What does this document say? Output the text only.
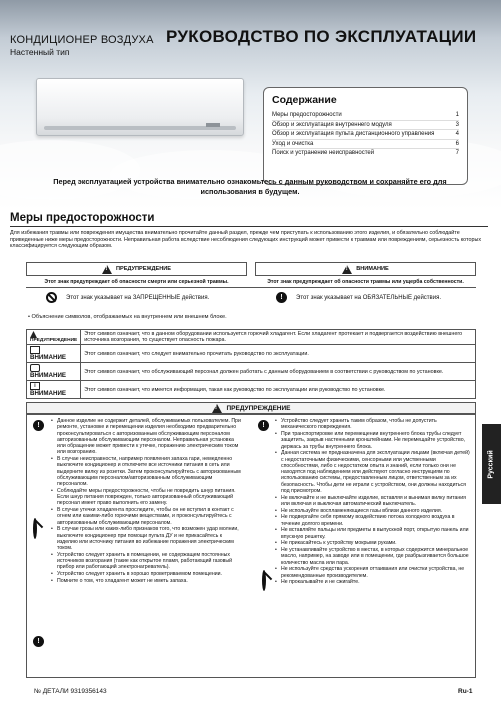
КОНДИЦИОНЕР ВОЗДУХА
Настенный тип
РУКОВОДСТВО ПО ЭКСПЛУАТАЦИИ
Содержание
Меры предосторожности	1
Обзор и эксплуатация внутреннего модуля	3
Обзор и эксплуатация пульта дистанционного управления	4
Уход и очистка	6
Поиск и устранение неисправностей	7
Перед эксплуатацией устройства внимательно ознакомьтесь с данным руководством и сохраняйте его для использования в будущем.
Меры предосторожности
Для избежания травмы или повреждения имущества внимательно прочитайте данный раздел, прежде чем приступать к использованию этого изделия, и обязательно соблюдайте приведенные ниже меры предосторожности. Неправильная работа вследствие несоблюдения следующих инструкций может привести к травмам или повреждениям, серьезность которых классифицируется следующим образом.
!
ПРЕДУПРЕЖДЕНИЕ !	ВНИМАНИЕ
Этот знак предупреждает об опасности смерти или серьезной травмы.	Этот знак предупреждает об опасности травмы или ущерба собственности.
Этот знак указывает на ЗАПРЕЩЕННЫЕ действия.	!	Этот знак указывает на ОБЯЗАТЕЛЬНЫЕ действия.
• Объяснение символов, отображаемых на внутреннем или внешнем блоке.
ПРЕДУПРЕЖДЕНИЕ	Этот символ означает, что в данном оборудовании используется горючий хладагент. Если хладагент протекает и подвергается воздействию внешнего источника возгорания, то существует опасность пожара.
ВНИМАНИЕ	Этот символ означает, что следует внимательно прочитать руководство по эксплуатации.
ВНИМАНИЕ	Этот символ означает, что обслуживающий персонал должен работать с данным оборудованием в соответствии с руководством по установке.
iВНИМАНИЕ	Этот символ означает, что имеется информация, такая как руководство по эксплуатации или руководство по установке.
!
ПРЕДУПРЕЖДЕНИЕ
!
!
• Данное изделие не содержит деталей, обслуживаемых пользователем. При ремонте, установке и перемещении изделия необходимо предварительно проконсультироваться с авторизованным обслуживающим персоналом авторизованным обслуживающим персоналом. Неправильная установка или обращение может привести к утечке, поражению электрическим током или возгоранию.
• В случае неисправности, например появления запаха гари, немедленно выключите кондиционер и отключите все источники питания в сеть или выдерните вилку из розетки. Затем проконсультируйтесь с авторизованным обслуживающим персоналом/авторизованным обслуживающим персоналом.
• Соблюдайте меры предосторожности, чтобы не повредить шнур питания. Если шнур питания поврежден, только авторизованный обслуживающий персонал имеет право выполнить его замену.
• В случае утечки хладагента проследите, чтобы он не вступил в контакт с огнем или какими-либо горючими веществами, и проконсультируйтесь с авторизованным обслуживающим персоналом.
• В случае грозы или каких-либо признаков того, что возможен удар молнии, выключите кондиционер при помощи пульта ДУ и не прикасайтесь к изделию или источнику питания во избежание поражения электрическим током.
• Устройство следует хранить в помещении, не содержащем постоянных источников возгорания (такие как открытое пламя, работающий газовый прибор или работающий электронагреватель).
• Устройство следует хранить в хорошо проветриваемом помещении.
• Помните о том, что хладагент может не иметь запаха.
!
• Устройство следует хранить таким образом, чтобы не допустить механического повреждения.
• При транспортировке или перемещении внутреннего блока трубы следует защитить, закрыв настенными кронштейнами. Не перемещайте устройство, держась за трубы внутреннего блока.
• Данная система не предназначена для эксплуатации лицами (включая детей) с недостаточными физическими, сенсорными или умственными способностями, либо с недостатком опыта и знаний, если только они не находятся под наблюдением или действуют согласно инструкциям по использованию системы, предоставленным лицом, ответственным за их безопасность. Чтобы дети не играли с устройством, они должны находиться под присмотром.
• Не включайте и не выключайте изделие, вставляя и вынимая вилку питания или включая и выключая автоматический выключатель.
• Не используйте воспламеняющиеся газы вблизи данного изделия.
• Не подвергайте себя прямому воздействию потока холодного воздуха в течение долгого времени.
• Не вставляйте пальцы или предметы в выпускной порт, открытую панель или впускную решетку.
• Не прикасайтесь к устройству мокрыми руками.
• Не устанавливайте устройство в местах, в которых содержится минеральное масло, например, на заводе или в помещении, где разбрызгивается большое количество масла или пара.
• Не используйте средства ускорения оттаивания или очистки устройства, не рекомендованные производителем.
• Не прокалывайте и не сжигайте.
Русский
№ ДЕТАЛИ 9319356143	Ru-1
